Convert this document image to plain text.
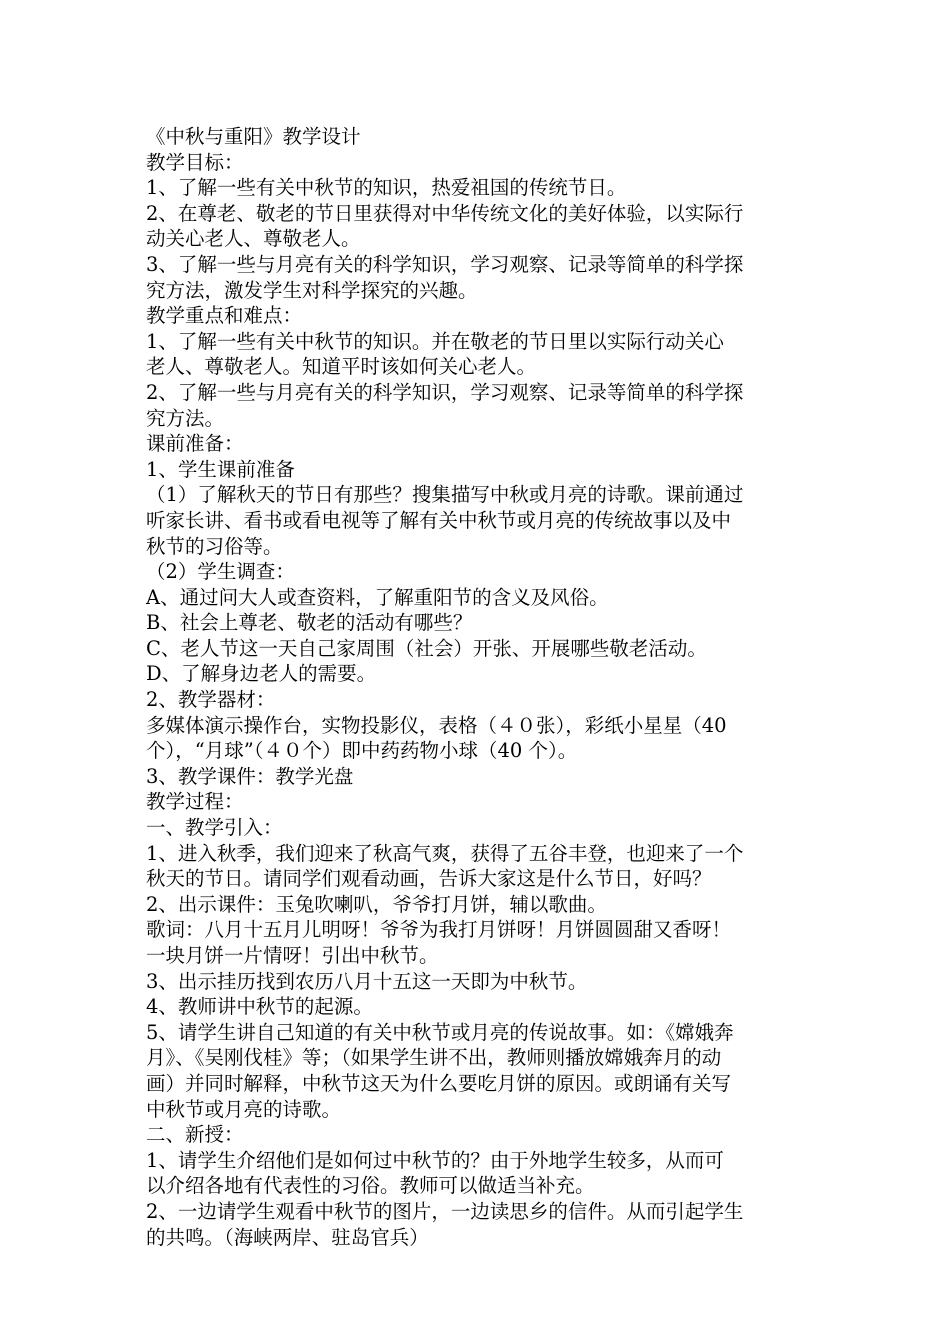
《中秋与重阳》教学设计
教学目标：
1、了解一些有关中秋节的知识，热爱祖国的传统节日。
2、在尊老、敬老的节日里获得对中华传统文化的美好体验，以实际行
动关心老人、尊敬老人。
3、了解一些与月亮有关的科学知识，学习观察、记录等简单的科学探
究方法，激发学生对科学探究的兴趣。
教学重点和难点：
1、了解一些有关中秋节的知识。并在敬老的节日里以实际行动关心
老人、尊敬老人。知道平时该如何关心老人。
2、了解一些与月亮有关的科学知识，学习观察、记录等简单的科学探
究方法。
课前准备：
1、学生课前准备
（1）了解秋天的节日有那些？搜集描写中秋或月亮的诗歌。课前通过
听家长讲、看书或看电视等了解有关中秋节或月亮的传统故事以及中
秋节的习俗等。
（2）学生调查：
A、通过问大人或查资料，了解重阳节的含义及风俗。
B、社会上尊老、敬老的活动有哪些？
C、老人节这一天自己家周围（社会）开张、开展哪些敬老活动。
D、了解身边老人的需要。
2、教学器材：
多媒体演示操作台，实物投影仪，表格（４０张），彩纸小星星（40
个），“月球”（４０个）即中药药物小球（40 个）。
3、教学课件：教学光盘
教学过程：
一、教学引入：
1、进入秋季，我们迎来了秋高气爽，获得了五谷丰登，也迎来了一个
秋天的节日。请同学们观看动画，告诉大家这是什么节日，好吗？
2、出示课件：玉兔吹喇叭，爷爷打月饼，辅以歌曲。
歌词：八月十五月儿明呀！爷爷为我打月饼呀！月饼圆圆甜又香呀！
一块月饼一片情呀！引出中秋节。
3、出示挂历找到农历八月十五这一天即为中秋节。
4、教师讲中秋节的起源。
5、请学生讲自己知道的有关中秋节或月亮的传说故事。如：《嫦娥奔
月》、《吴刚伐桂》等；（如果学生讲不出，教师则播放嫦娥奔月的动
画）并同时解释，中秋节这天为什么要吃月饼的原因。或朗诵有关写
中秋节或月亮的诗歌。
二、新授：
1、请学生介绍他们是如何过中秋节的？由于外地学生较多，从而可
以介绍各地有代表性的习俗。教师可以做适当补充。
2、一边请学生观看中秋节的图片，一边读思乡的信件。从而引起学生
的共鸣。（海峡两岸、驻岛官兵）
